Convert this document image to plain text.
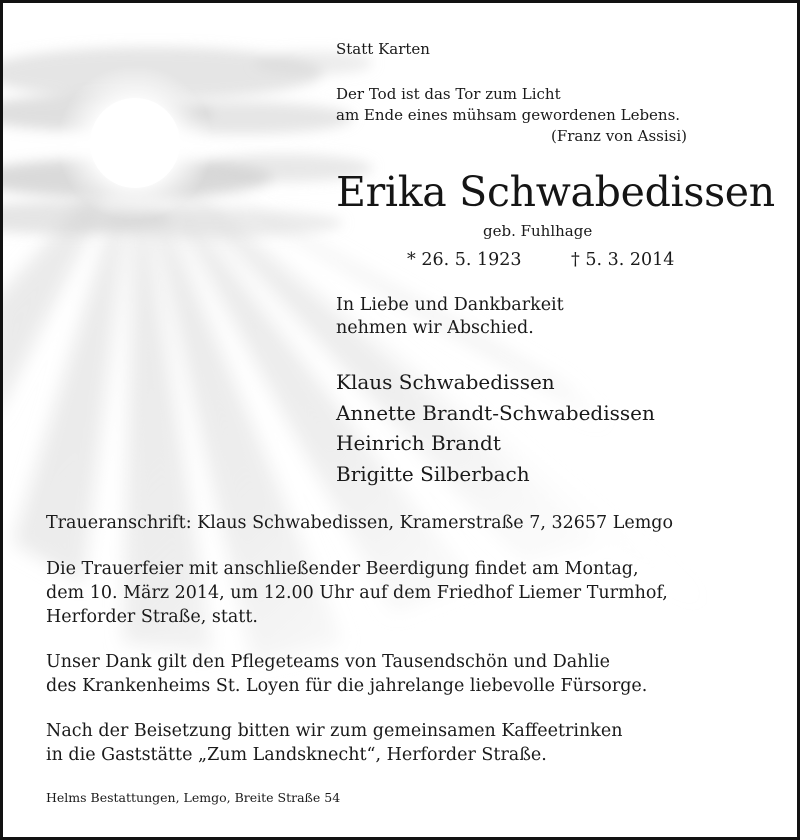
Statt Karten
Der Tod ist das Tor zum Licht
am Ende eines mühsam gewordenen Lebens.
(Franz von Assisi)
Erika Schwabedissen
geb. Fuhlhage
* 26. 5. 1923	† 5. 3. 2014
In Liebe und Dankbarkeit
nehmen wir Abschied.
Klaus Schwabedissen
Annette Brandt-Schwabedissen
Heinrich Brandt
Brigitte Silberbach
Traueranschrift: Klaus Schwabedissen, Kramerstraße 7, 32657 Lemgo
Die Trauerfeier mit anschließender Beerdigung findet am Montag,
dem 10. März 2014, um 12.00 Uhr auf dem Friedhof Liemer Turmhof,
Herforder Straße, statt.
Unser Dank gilt den Pflegeteams von Tausendschön und Dahlie
des Krankenheims St. Loyen für die jahrelange liebevolle Fürsorge.
Nach der Beisetzung bitten wir zum gemeinsamen Kaffeetrinken
in die Gaststätte „Zum Landsknecht“, Herforder Straße.
Helms Bestattungen, Lemgo, Breite Straße 54
